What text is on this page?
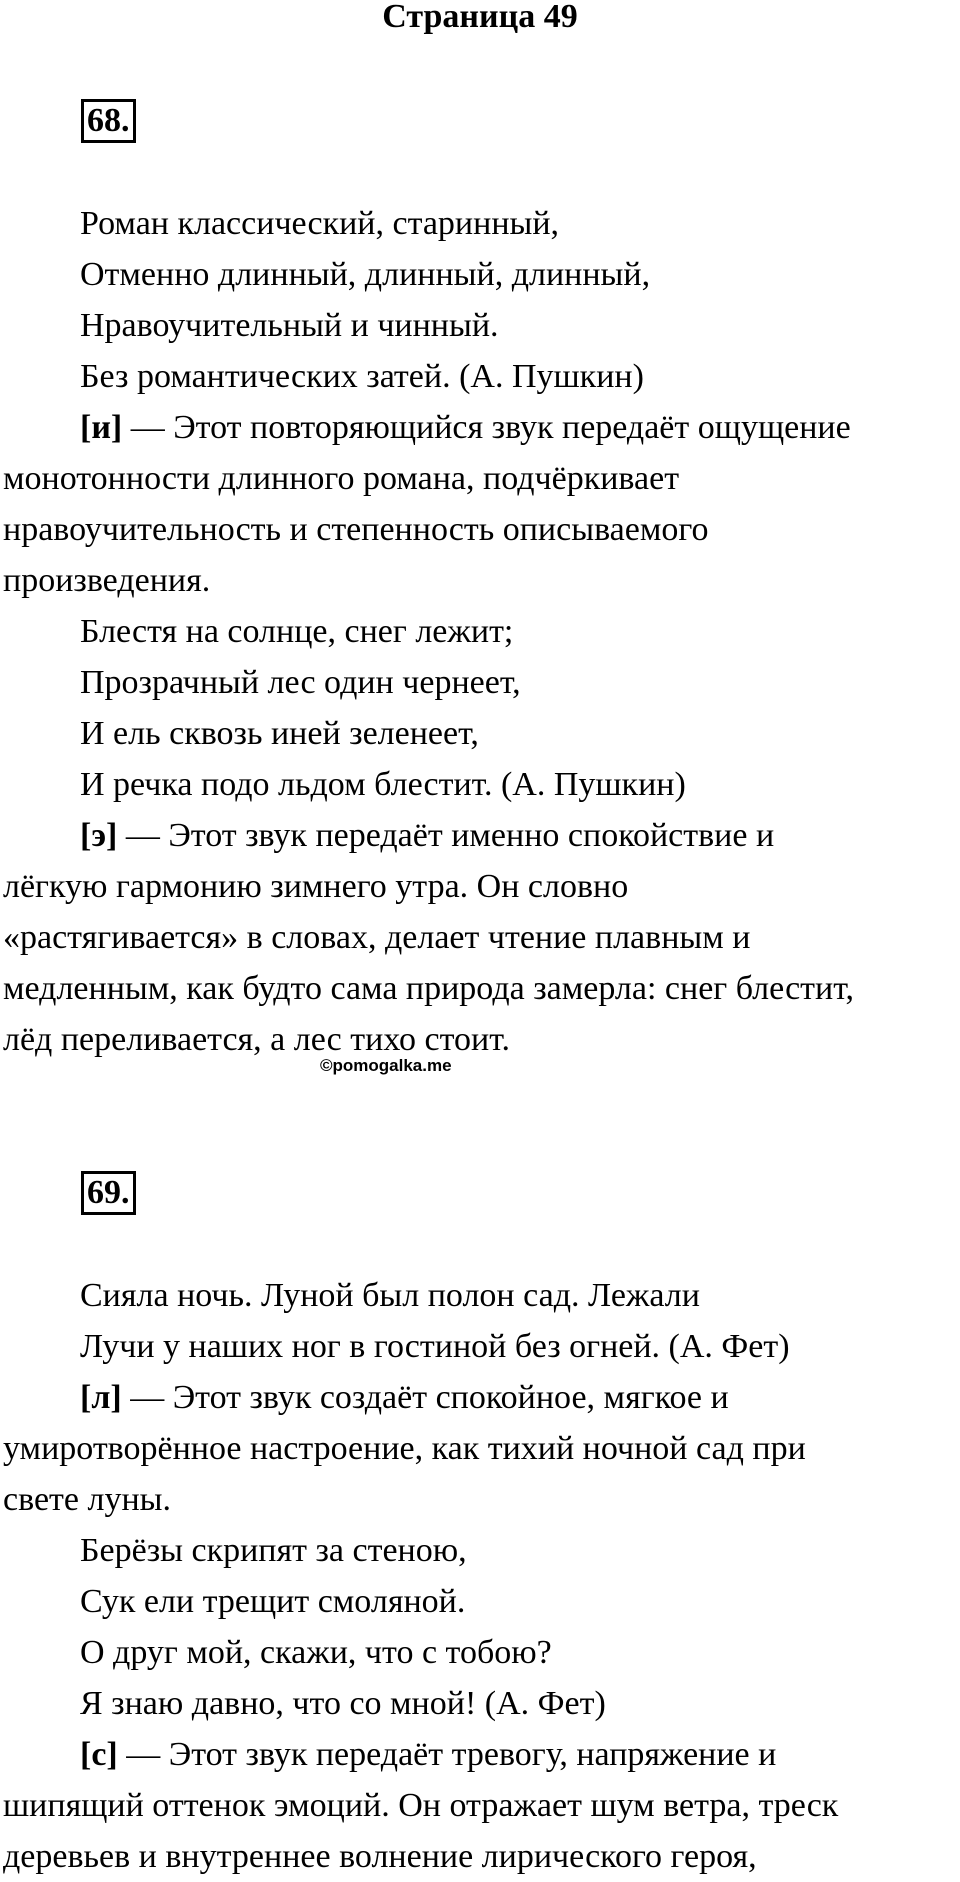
Страница 49
68.
Роман классический, старинный,
Отменно длинный, длинный, длинный,
Нравоучительный и чинный.
Без романтических затей. (А. Пушкин)
[и] — Этот повторяющийся звук передаёт ощущение
монотонности длинного романа, подчёркивает
нравоучительность и степенность описываемого
произведения.
Блестя на солнце, снег лежит;
Прозрачный лес один чернеет,
И ель сквозь иней зеленеет,
И речка подо льдом блестит. (А. Пушкин)
[э] — Этот звук передаёт именно спокойствие и
лёгкую гармонию зимнего утра. Он словно
«растягивается» в словах, делает чтение плавным и
медленным, как будто сама природа замерла: снег блестит,
лёд переливается, а лес тихо стоит.
©pomogalka.me
69.
Сияла ночь. Луной был полон сад. Лежали
Лучи у наших ног в гостиной без огней. (А. Фет)
[л] — Этот звук создаёт спокойное, мягкое и
умиротворённое настроение, как тихий ночной сад при
свете луны.
Берёзы скрипят за стеною,
Сук ели трещит смоляной.
О друг мой, скажи, что с тобою?
Я знаю давно, что со мной! (А. Фет)
[с] — Этот звук передаёт тревогу, напряжение и
шипящий оттенок эмоций. Он отражает шум ветра, треск
деревьев и внутреннее волнение лирического героя,
